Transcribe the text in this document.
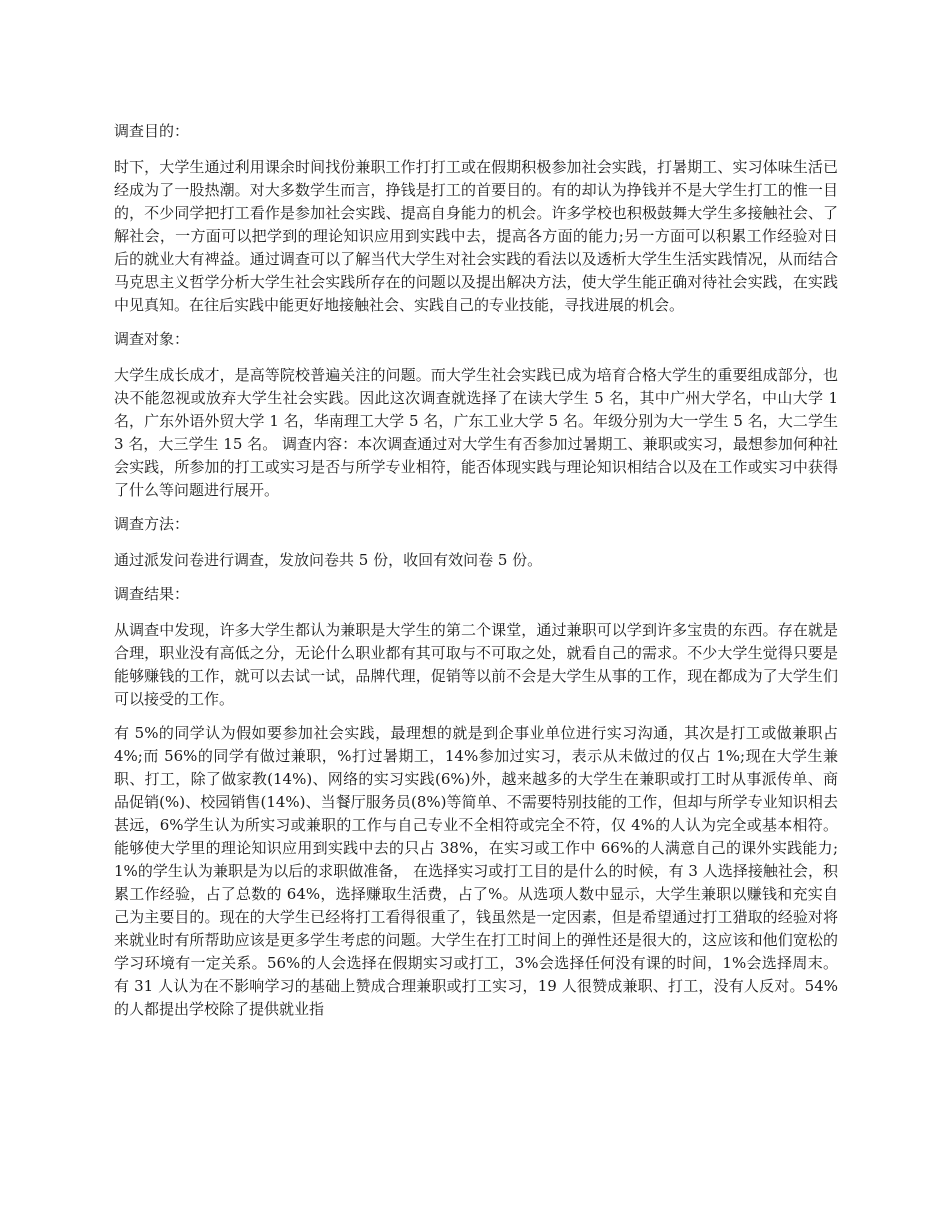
调查目的：

时下，大学生通过利用课余时间找份兼职工作打打工或在假期积极参加社会实践，打暑期工、实习体味生活已经成为了一股热潮。对大多数学生而言，挣钱是打工的首要目的。有的却认为挣钱并不是大学生打工的惟一目的，不少同学把打工看作是参加社会实践、提高自身能力的机会。许多学校也积极鼓舞大学生多接触社会、了解社会，一方面可以把学到的理论知识应用到实践中去，提高各方面的能力;另一方面可以积累工作经验对日后的就业大有裨益。通过调查可以了解当代大学生对社会实践的看法以及透析大学生生活实践情况，从而结合马克思主义哲学分析大学生社会实践所存在的问题以及提出解决方法，使大学生能正确对待社会实践，在实践中见真知。在往后实践中能更好地接触社会、实践自己的专业技能，寻找进展的机会。

调查对象：

大学生成长成才，是高等院校普遍关注的问题。而大学生社会实践已成为培育合格大学生的重要组成部分，也决不能忽视或放弃大学生社会实践。因此这次调查就选择了在读大学生 5 名，其中广州大学名，中山大学 1 名，广东外语外贸大学 1 名，华南理工大学 5 名，广东工业大学 5 名。年级分别为大一学生 5 名，大二学生 3 名，大三学生 15 名。 调查内容：本次调查通过对大学生有否参加过暑期工、兼职或实习，最想参加何种社会实践，所参加的打工或实习是否与所学专业相符，能否体现实践与理论知识相结合以及在工作或实习中获得了什么等问题进行展开。

调查方法：

通过派发问卷进行调查，发放问卷共 5 份，收回有效问卷 5 份。

调查结果：

从调查中发现，许多大学生都认为兼职是大学生的第二个课堂，通过兼职可以学到许多宝贵的东西。存在就是合理，职业没有高低之分，无论什么职业都有其可取与不可取之处，就看自己的需求。不少大学生觉得只要是能够赚钱的工作，就可以去试一试，品牌代理，促销等以前不会是大学生从事的工作，现在都成为了大学生们可以接受的工作。

有 5%的同学认为假如要参加社会实践，最理想的就是到企事业单位进行实习沟通，其次是打工或做兼职占 4%;而 56%的同学有做过兼职，%打过暑期工，14%参加过实习，表示从未做过的仅占 1%;现在大学生兼职、打工，除了做家教(14%)、网络的实习实践(6%)外，越来越多的大学生在兼职或打工时从事派传单、商品促销(%)、校园销售(14%)、当餐厅服务员(8%)等简单、不需要特别技能的工作，但却与所学专业知识相去甚远，6%学生认为所实习或兼职的工作与自己专业不全相符或完全不符，仅 4%的人认为完全或基本相符。能够使大学里的理论知识应用到实践中去的只占 38%，在实习或工作中 66%的人满意自己的课外实践能力;1%的学生认为兼职是为以后的求职做准备， 在选择实习或打工目的是什么的时候，有 3 人选择接触社会，积累工作经验，占了总数的 64%，选择赚取生活费，占了%。从选项人数中显示，大学生兼职以赚钱和充实自己为主要目的。现在的大学生已经将打工看得很重了，钱虽然是一定因素，但是希望通过打工猎取的经验对将来就业时有所帮助应该是更多学生考虑的问题。大学生在打工时间上的弹性还是很大的，这应该和他们宽松的学习环境有一定关系。56%的人会选择在假期实习或打工，3%会选择任何没有课的时间，1%会选择周末。有 31 人认为在不影响学习的基础上赞成合理兼职或打工实习，19 人很赞成兼职、打工，没有人反对。54%的人都提出学校除了提供就业指
